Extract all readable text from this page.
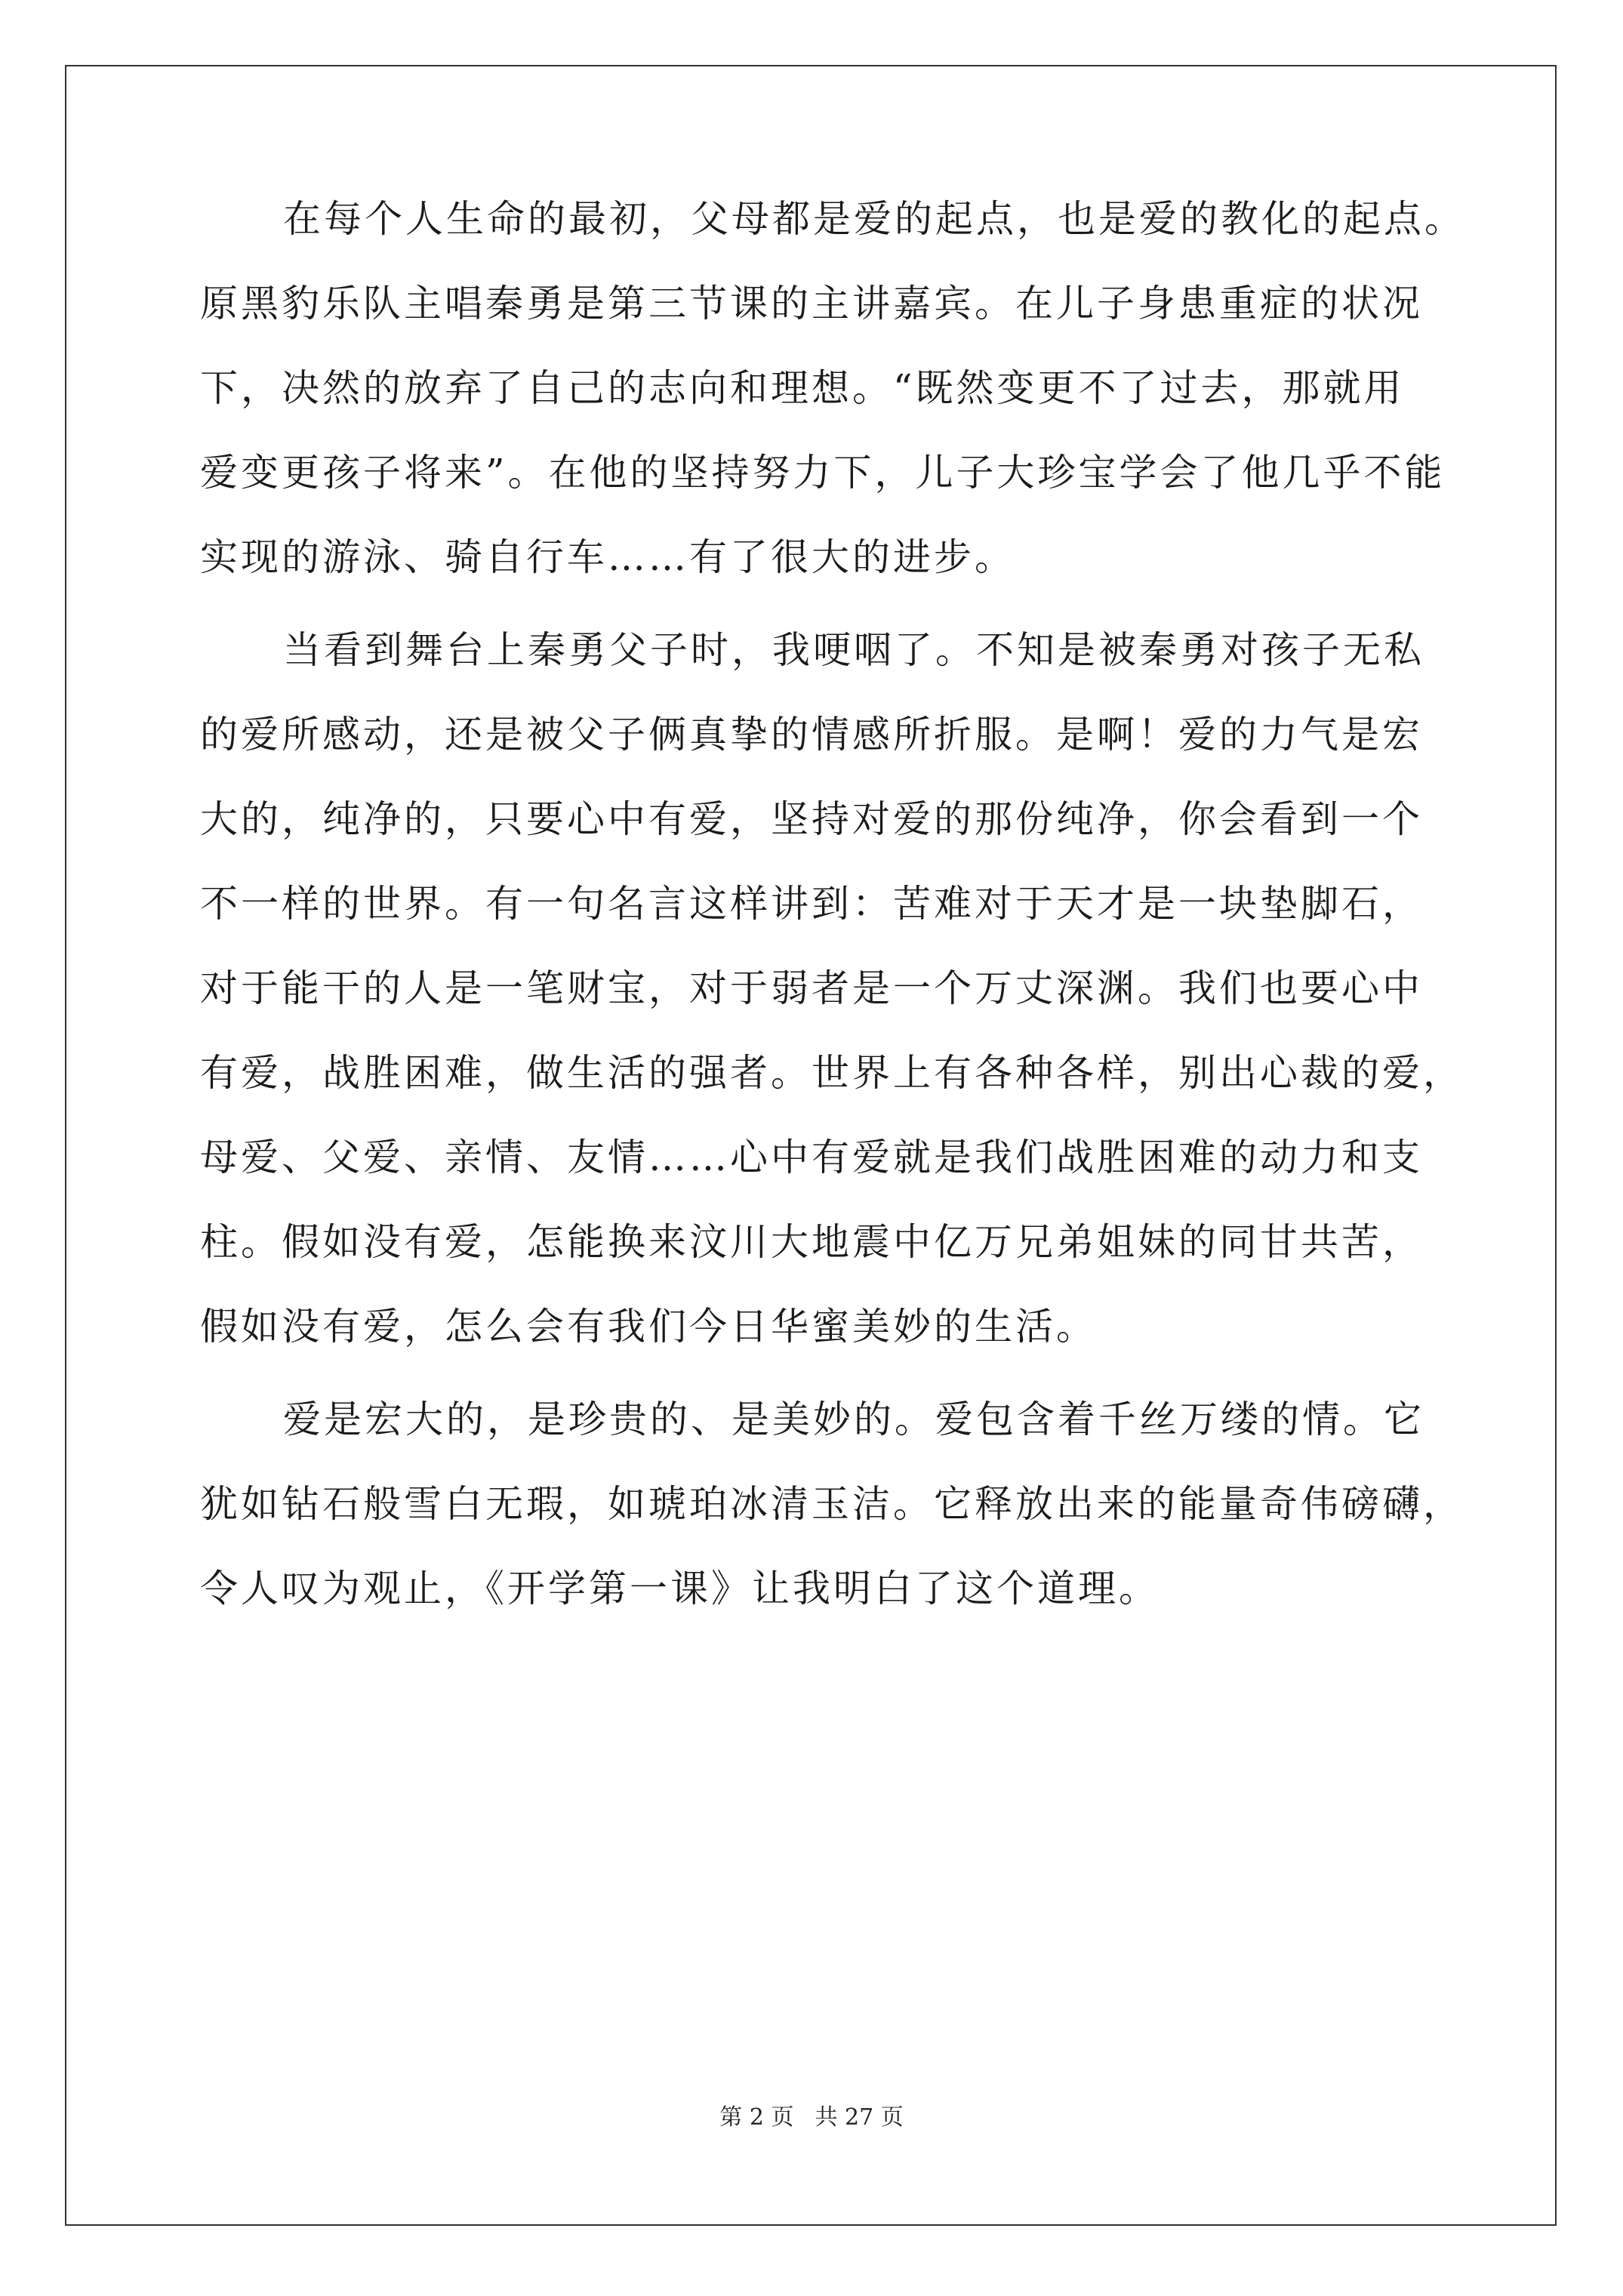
在每个人生命的最初，父母都是爱的起点，也是爱的教化的起点。
原黑豹乐队主唱秦勇是第三节课的主讲嘉宾。在儿子身患重症的状况
下，决然的放弃了自己的志向和理想。“既然变更不了过去，那就用
爱变更孩子将来”。在他的坚持努力下，儿子大珍宝学会了他几乎不能
实现的游泳、骑自行车……有了很大的进步。
当看到舞台上秦勇父子时，我哽咽了。不知是被秦勇对孩子无私
的爱所感动，还是被父子俩真挚的情感所折服。是啊！爱的力气是宏
大的，纯净的，只要心中有爱，坚持对爱的那份纯净，你会看到一个
不一样的世界。有一句名言这样讲到：苦难对于天才是一块垫脚石，
对于能干的人是一笔财宝，对于弱者是一个万丈深渊。我们也要心中
有爱，战胜困难，做生活的强者。世界上有各种各样，别出心裁的爱，
母爱、父爱、亲情、友情……心中有爱就是我们战胜困难的动力和支
柱。假如没有爱，怎能换来汶川大地震中亿万兄弟姐妹的同甘共苦，
假如没有爱，怎么会有我们今日华蜜美妙的生活。
爱是宏大的，是珍贵的、是美妙的。爱包含着千丝万缕的情。它
犹如钻石般雪白无瑕，如琥珀冰清玉洁。它释放出来的能量奇伟磅礴，
令人叹为观止，《开学第一课》让我明白了这个道理。
第 2 页 共 27 页
